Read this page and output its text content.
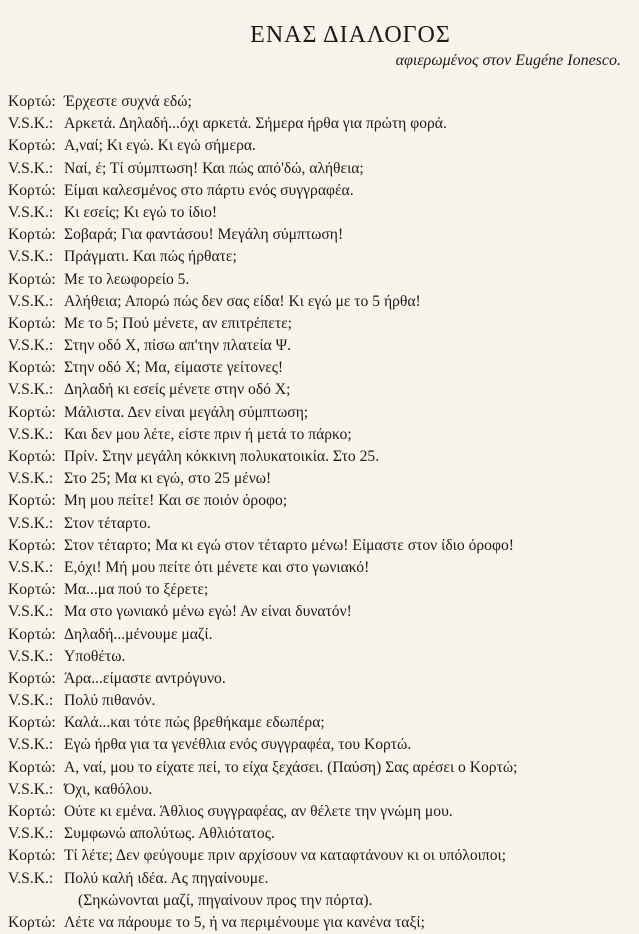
ΕΝΑΣ ΔΙΑΛΟΓΟΣ
αφιερωμένος στον Eugéne Ionesco.
Κορτώ: Έρχεστε συχνά εδώ;
V.S.K.: Αρκετά. Δηλαδή...όχι αρκετά. Σήμερα ήρθα για πρώτη φορά.
Κορτώ: Α,ναί; Κι εγώ. Κι εγώ σήμερα.
V.S.K.: Ναί, έ; Τί σύμπτωση! Και πώς από'δώ, αλήθεια;
Κορτώ: Είμαι καλεσμένος στο πάρτυ ενός συγγραφέα.
V.S.K.: Κι εσείς; Κι εγώ το ίδιο!
Κορτώ: Σοβαρά; Για φαντάσου! Μεγάλη σύμπτωση!
V.S.K.: Πράγματι. Και πώς ήρθατε;
Κορτώ: Με το λεωφορείο 5.
V.S.K.: Αλήθεια; Απορώ πώς δεν σας είδα! Κι εγώ με το 5 ήρθα!
Κορτώ: Με το 5; Πού μένετε, αν επιτρέπετε;
V.S.K.: Στην οδό Χ, πίσω απ'την πλατεία Ψ.
Κορτώ: Στην οδό Χ; Μα, είμαστε γείτονες!
V.S.K.: Δηλαδή κι εσείς μένετε στην οδό Χ;
Κορτώ: Μάλιστα. Δεν είναι μεγάλη σύμπτωση;
V.S.K.: Και δεν μου λέτε, είστε πριν ή μετά το πάρκο;
Κορτώ: Πρίν. Στην μεγάλη κόκκινη πολυκατοικία. Στο 25.
V.S.K.: Στο 25; Μα κι εγώ, στο 25 μένω!
Κορτώ: Μη μου πείτε! Και σε ποιόν όροφο;
V.S.K.: Στον τέταρτο.
Κορτώ: Στον τέταρτο; Μα κι εγώ στον τέταρτο μένω! Είμαστε στον ίδιο όροφο!
V.S.K.: Ε,όχι! Μή μου πείτε ότι μένετε και στο γωνιακό!
Κορτώ: Μα...μα πού το ξέρετε;
V.S.K.: Μα στο γωνιακό μένω εγώ! Αν είναι δυνατόν!
Κορτώ: Δηλαδή...μένουμε μαζί.
V.S.K.: Υποθέτω.
Κορτώ: Άρα...είμαστε αντρόγυνο.
V.S.K.: Πολύ πιθανόν.
Κορτώ: Καλά...και τότε πώς βρεθήκαμε εδωπέρα;
V.S.K.: Εγώ ήρθα για τα γενέθλια ενός συγγραφέα, του Κορτώ.
Κορτώ: Α, ναί, μου το είχατε πεί, το είχα ξεχάσει. (Παύση) Σας αρέσει ο Κορτώ;
V.S.K.: Όχι, καθόλου.
Κορτώ: Ούτε κι εμένα. Άθλιος συγγραφέας, αν θέλετε την γνώμη μου.
V.S.K.: Συμφωνώ απολύτως. Αθλιότατος.
Κορτώ: Τί λέτε; Δεν φεύγουμε πριν αρχίσουν να καταφτάνουν κι οι υπόλοιποι;
V.S.K.: Πολύ καλή ιδέα. Ας πηγαίνουμε.
(Σηκώνονται μαζί, πηγαίνουν προς την πόρτα).
Κορτώ: Λέτε να πάρουμε το 5, ή να περιμένουμε για κανένα ταξί;
